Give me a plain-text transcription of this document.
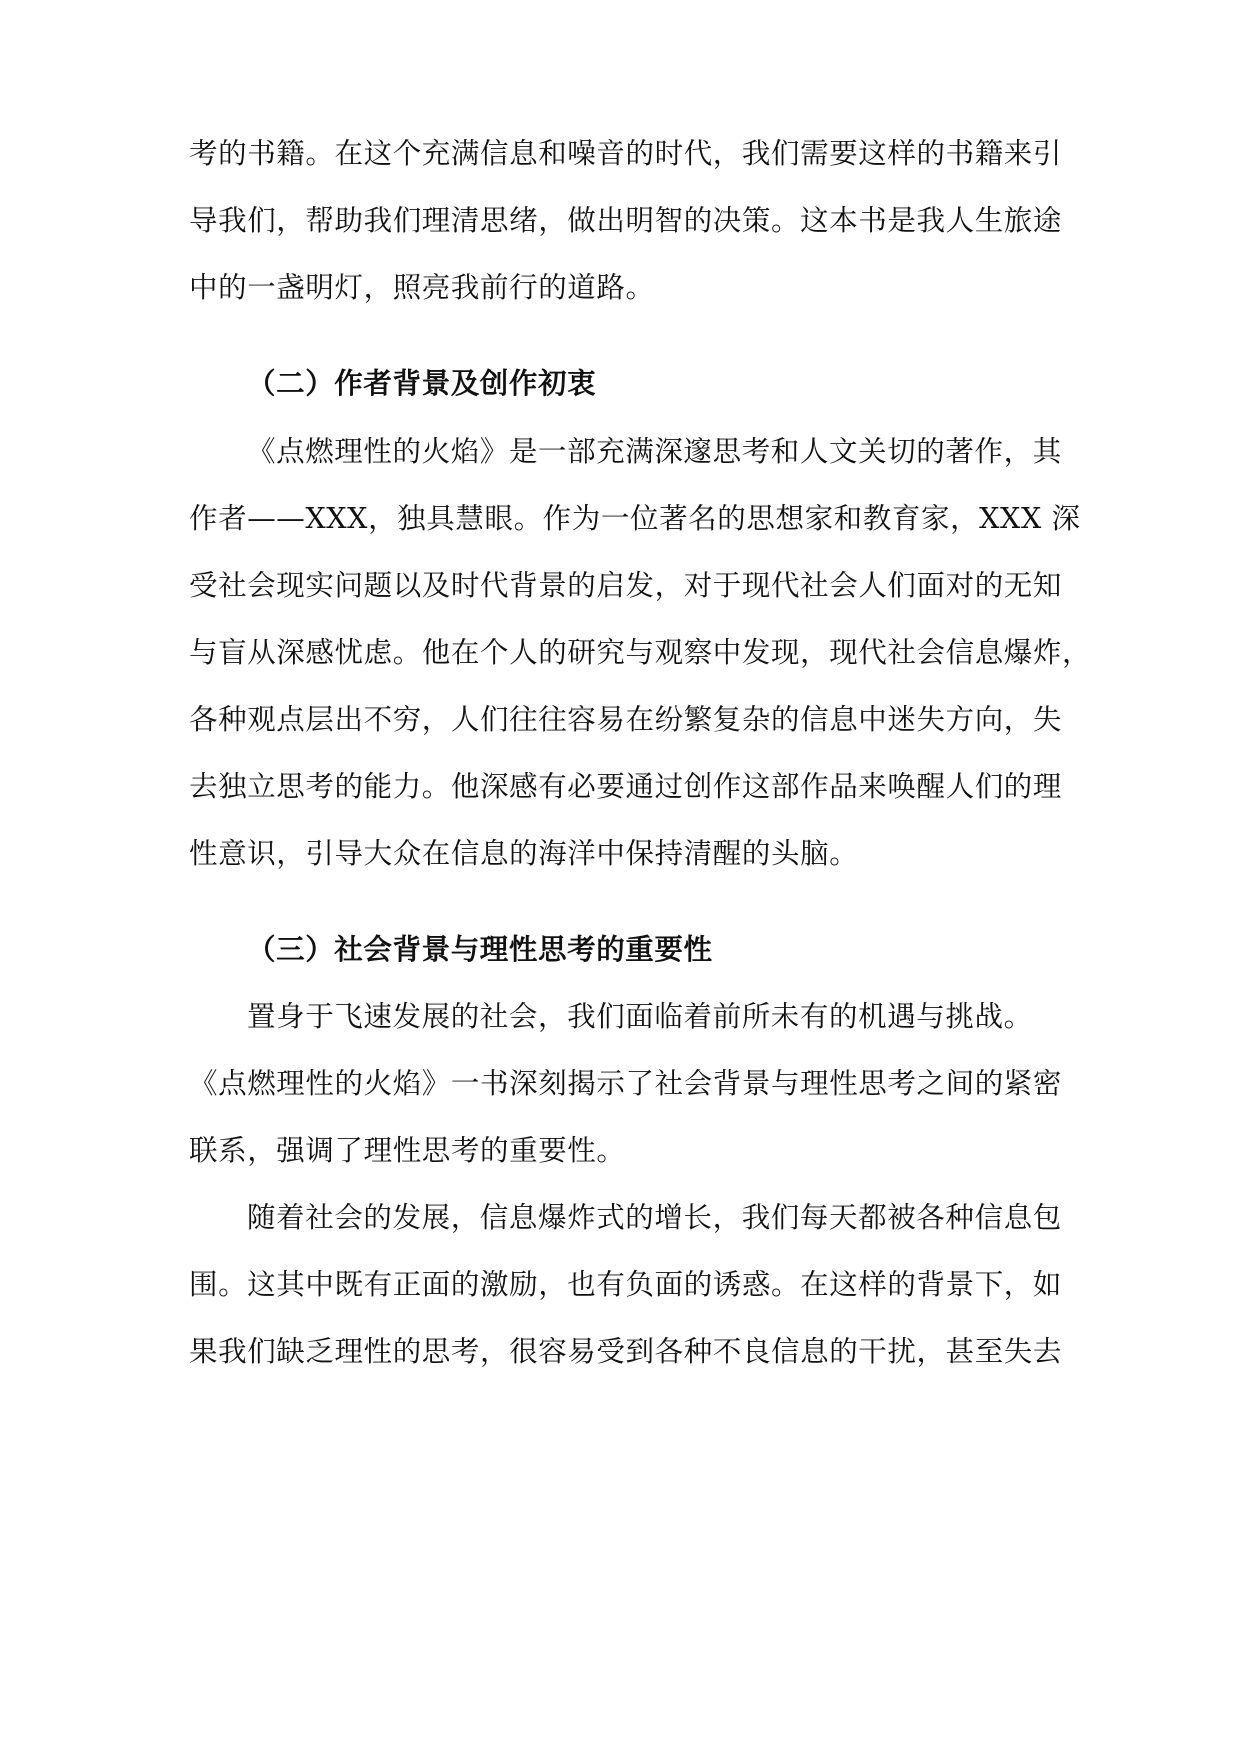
考的书籍。在这个充满信息和噪音的时代，我们需要这样的书籍来引
导我们，帮助我们理清思绪，做出明智的决策。这本书是我人生旅途
中的一盏明灯，照亮我前行的道路。
（二）作者背景及创作初衷
《点燃理性的火焰》是一部充满深邃思考和人文关切的著作，其
作者——XXX，独具慧眼。作为一位著名的思想家和教育家，XXX 深
受社会现实问题以及时代背景的启发，对于现代社会人们面对的无知
与盲从深感忧虑。他在个人的研究与观察中发现，现代社会信息爆炸，
各种观点层出不穷，人们往往容易在纷繁复杂的信息中迷失方向，失
去独立思考的能力。他深感有必要通过创作这部作品来唤醒人们的理
性意识，引导大众在信息的海洋中保持清醒的头脑。
（三）社会背景与理性思考的重要性
置身于飞速发展的社会，我们面临着前所未有的机遇与挑战。
《点燃理性的火焰》一书深刻揭示了社会背景与理性思考之间的紧密
联系，强调了理性思考的重要性。
随着社会的发展，信息爆炸式的增长，我们每天都被各种信息包
围。这其中既有正面的激励，也有负面的诱惑。在这样的背景下，如
果我们缺乏理性的思考，很容易受到各种不良信息的干扰，甚至失去
